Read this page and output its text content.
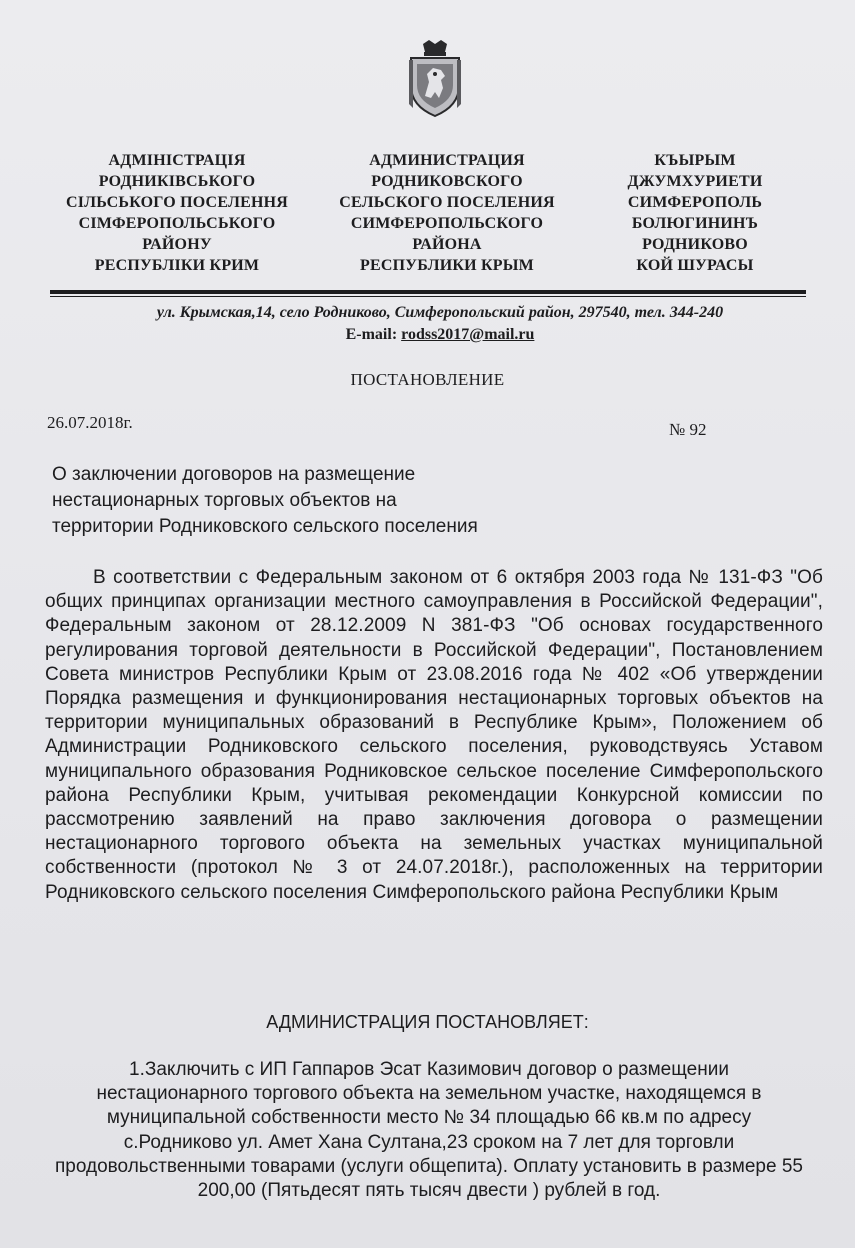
АДМІНІСТРАЦІЯ
РОДНИКІВСЬКОГО
СІЛЬСЬКОГО ПОСЕЛЕННЯ
СІМФЕРОПОЛЬСЬКОГО
РАЙОНУ
РЕСПУБЛІКИ КРИМ
АДМИНИСТРАЦИЯ
РОДНИКОВСКОГО
СЕЛЬСКОГО ПОСЕЛЕНИЯ
СИМФЕРОПОЛЬСКОГО
РАЙОНА
РЕСПУБЛИКИ КРЫМ
КЪЫРЫМ
ДЖУМХУРИЕТИ
СИМФЕРОПОЛЬ
БОЛЮГИНИНЪ
РОДНИКОВО
КОЙ ШУРАСЫ
ул. Крымская,14, село Родниково, Симферопольский район, 297540, тел. 344-240
E-mail: rodss2017@mail.ru
ПОСТАНОВЛЕНИЕ
26.07.2018г.	№ 92
О заключении договоров на размещение
нестационарных торговых объектов на
территории Родниковского сельского поселения
В соответствии с Федеральным законом от 6 октября 2003 года № 131-ФЗ "Об общих принципах организации местного самоуправления в Российской Федерации", Федеральным законом от 28.12.2009 N 381-ФЗ "Об основах государственного регулирования торговой деятельности в Российской Федерации", Постановлением Совета министров Республики Крым от 23.08.2016 года № 402 «Об утверждении Порядка размещения и функционирования нестационарных торговых объектов на территории муниципальных образований в Республике Крым», Положением об Администрации Родниковского сельского поселения, руководствуясь Уставом муниципального образования Родниковское сельское поселение Симферопольского района Республики Крым, учитывая рекомендации Конкурсной комиссии по рассмотрению заявлений на право заключения договора о размещении нестационарного торгового объекта на земельных участках муниципальной собственности (протокол № 3 от 24.07.2018г.), расположенных на территории Родниковского сельского поселения Симферопольского района Республики Крым
АДМИНИСТРАЦИЯ ПОСТАНОВЛЯЕТ:
1.Заключить с ИП Гаппаров Эсат Казимович договор о размещении нестационарного торгового объекта на земельном участке, находящемся в муниципальной собственности место № 34 площадью 66 кв.м по адресу с.Родниково ул. Амет Хана Султана,23 сроком на 7 лет для торговли продовольственными товарами (услуги общепита). Оплату установить в размере 55 200,00 (Пятьдесят пять тысяч двести ) рублей в год.
